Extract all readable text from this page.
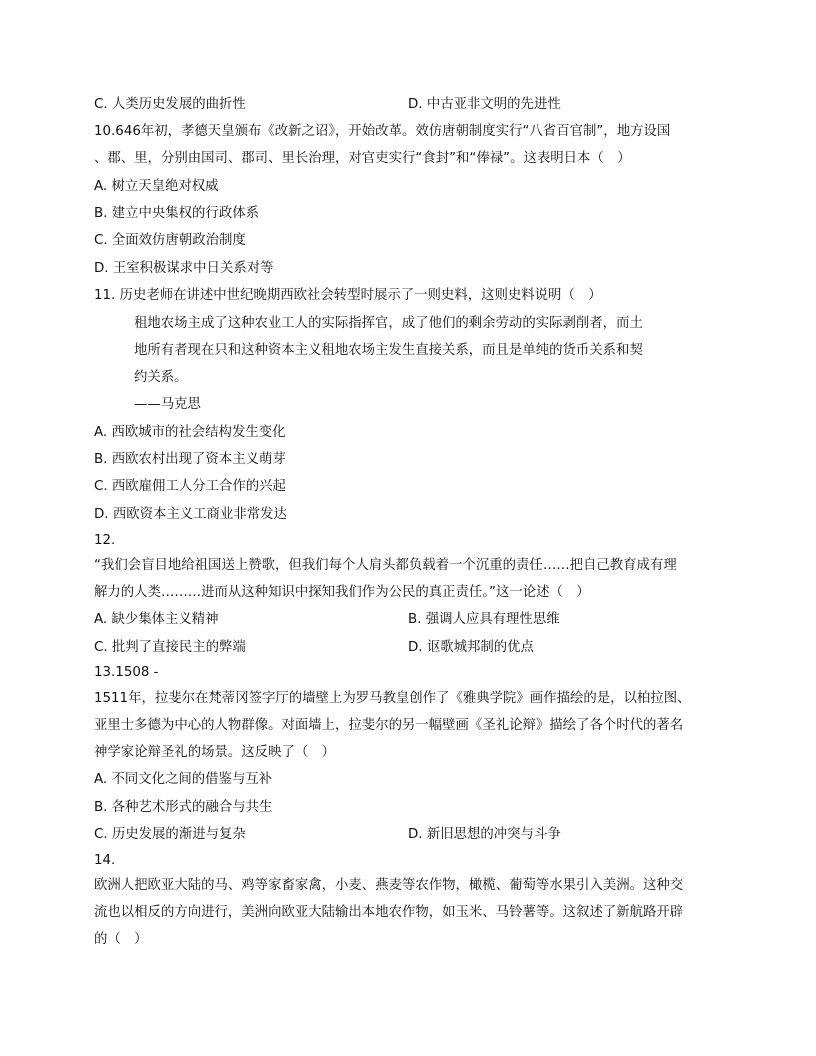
C. 人类历史发展的曲折性	D. 中古亚非文明的先进性
10.646年初，孝德天皇颁布《改新之诏》，开始改革。效仿唐朝制度实行“八省百官制”，地方设国
、郡、里，分别由国司、郡司、里长治理，对官吏实行“食封”和“俸禄”。这表明日本（　）
A. 树立天皇绝对权威
B. 建立中央集权的行政体系
C. 全面效仿唐朝政治制度
D. 王室积极谋求中日关系对等
11. 历史老师在讲述中世纪晚期西欧社会转型时展示了一则史料，这则史料说明（　）
租地农场主成了这种农业工人的实际指挥官，成了他们的剩余劳动的实际剥削者，而土
地所有者现在只和这种资本主义租地农场主发生直接关系，而且是单纯的货币关系和契
约关系。
——马克思
A. 西欧城市的社会结构发生变化
B. 西欧农村出现了资本主义萌芽
C. 西欧雇佣工人分工合作的兴起
D. 西欧资本主义工商业非常发达
12.
“我们会盲目地给祖国送上赞歌，但我们每个人肩头都负载着一个沉重的责任……把自己教育成有理
解力的人类………进而从这种知识中探知我们作为公民的真正责任。”这一论述（　）
A. 缺少集体主义精神	B. 强调人应具有理性思维
C. 批判了直接民主的弊端	D. 讴歌城邦制的优点
13.1508 -
1511年，拉斐尔在梵蒂冈签字厅的墙壁上为罗马教皇创作了《雅典学院》画作描绘的是，以柏拉图、
亚里士多德为中心的人物群像。对面墙上，拉斐尔的另一幅壁画《圣礼论辩》描绘了各个时代的著名
神学家论辩圣礼的场景。这反映了（　）
A. 不同文化之间的借鉴与互补
B. 各种艺术形式的融合与共生
C. 历史发展的渐进与复杂	D. 新旧思想的冲突与斗争
14.
欧洲人把欧亚大陆的马、鸡等家畜家禽，小麦、燕麦等农作物，橄榄、葡萄等水果引入美洲。这种交
流也以相反的方向进行，美洲向欧亚大陆输出本地农作物，如玉米、马铃薯等。这叙述了新航路开辟
的（　）
